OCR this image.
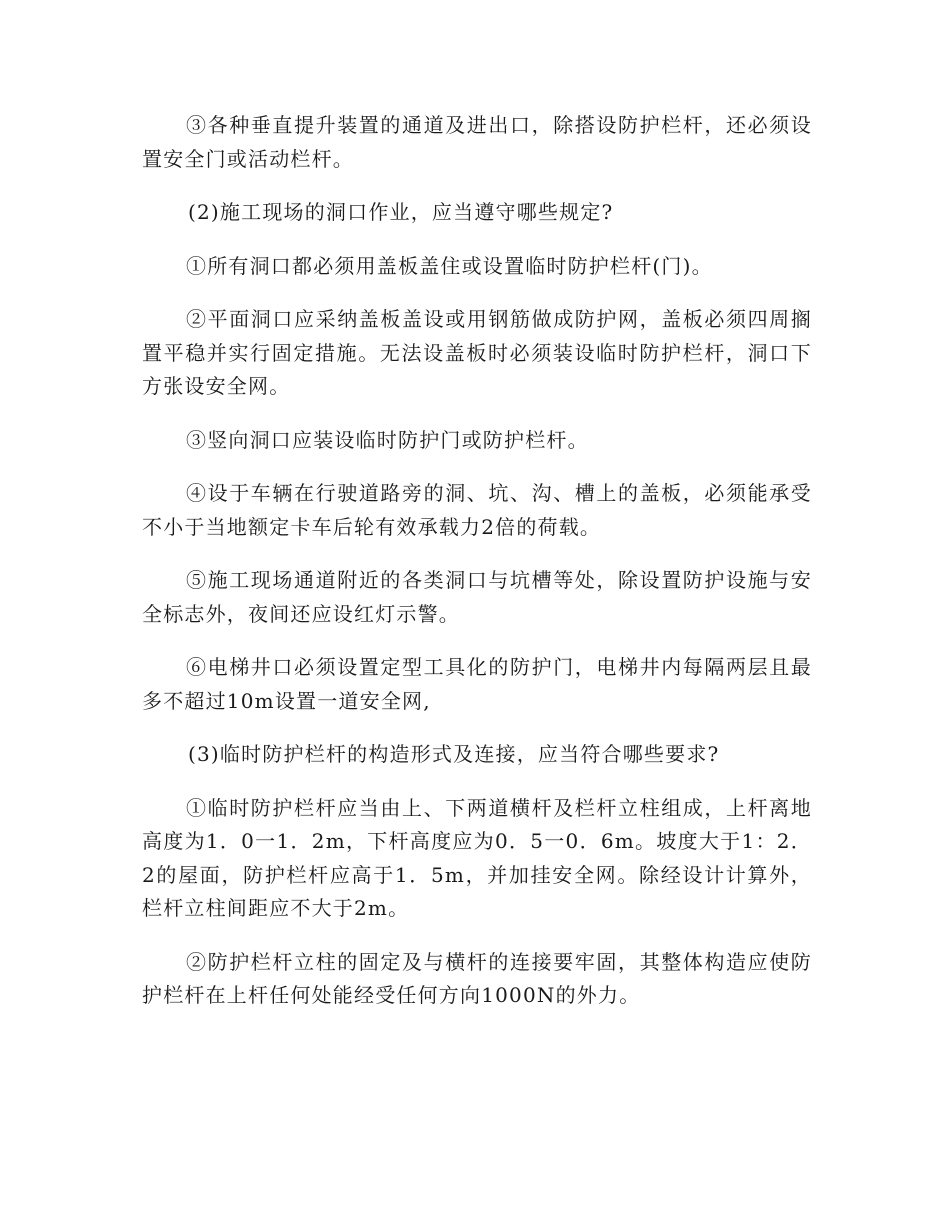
③各种垂直提升装置的通道及进出口，除搭设防护栏杆，还必须设置安全门或活动栏杆。

(2)施工现场的洞口作业，应当遵守哪些规定?

①所有洞口都必须用盖板盖住或设置临时防护栏杆(门)。

②平面洞口应采纳盖板盖设或用钢筋做成防护网，盖板必须四周搁置平稳并实行固定措施。无法设盖板时必须装设临时防护栏杆，洞口下方张设安全网。

③竖向洞口应装设临时防护门或防护栏杆。

④设于车辆在行驶道路旁的洞、坑、沟、槽上的盖板，必须能承受不小于当地额定卡车后轮有效承载力2倍的荷载。

⑤施工现场通道附近的各类洞口与坑槽等处，除设置防护设施与安全标志外，夜间还应设红灯示警。

⑥电梯井口必须设置定型工具化的防护门，电梯井内每隔两层且最多不超过10m设置一道安全网,

(3)临时防护栏杆的构造形式及连接，应当符合哪些要求?

①临时防护栏杆应当由上、下两道横杆及栏杆立柱组成，上杆离地高度为1．0一1．2m，下杆高度应为0．5一0．6m。坡度大于1：2．2的屋面，防护栏杆应高于1．5m，并加挂安全网。除经设计计算外，栏杆立柱间距应不大于2m。

②防护栏杆立柱的固定及与横杆的连接要牢固，其整体构造应使防护栏杆在上杆任何处能经受任何方向1000N的外力。
